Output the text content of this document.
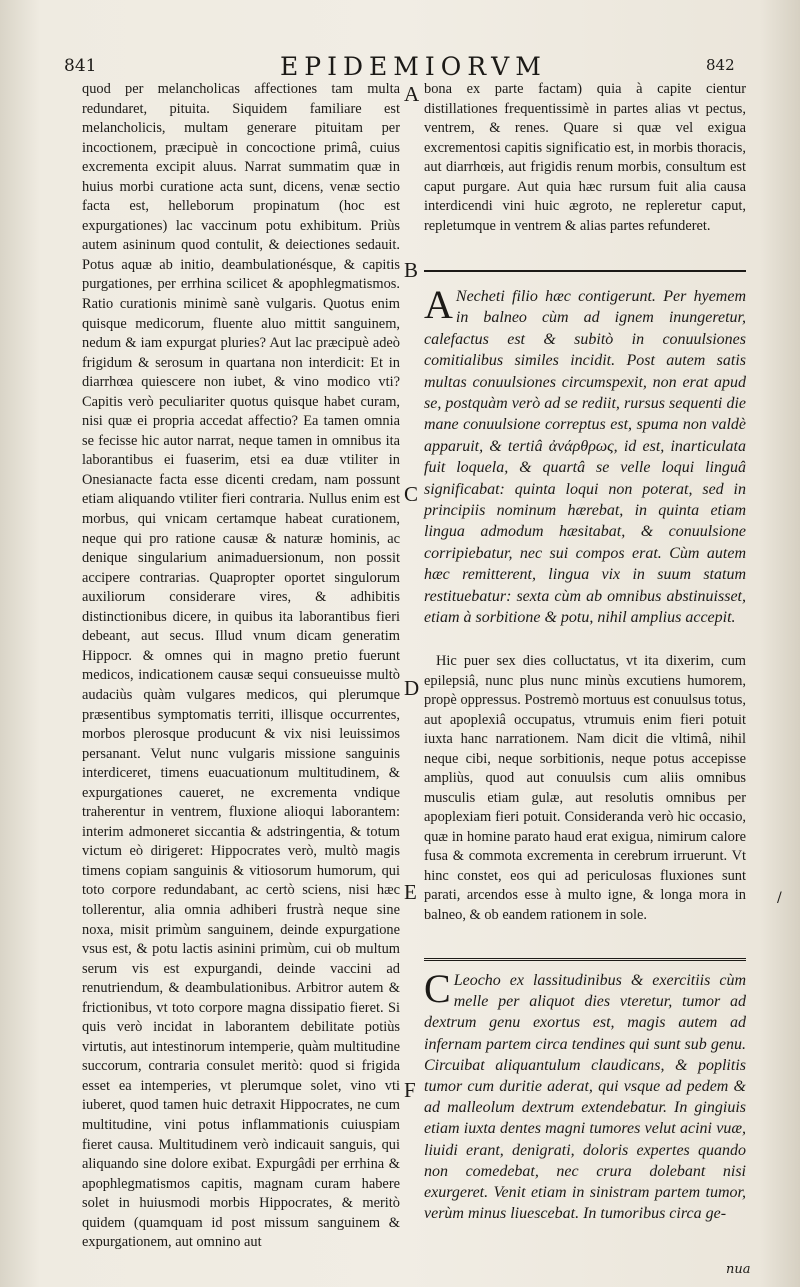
841	EPIDEMIORVM	842

quod per melancholicas affectiones tam multa redundaret, pituita. Siquidem familiare est melancholicis, multam generare pituitam per incoctionem, præcipuè in concoctione primâ, cuius excrementa excipit aluus. Narrat summatim quæ in huius morbi curatione acta sunt, dicens, venæ sectio facta est, helleborum propinatum (hoc est expurgationes) lac vaccinum potu exhibitum. Priùs autem asininum quod contulit, & deiectiones sedauit. Potus aquæ ab initio, deambulationésque, & capitis purgationes, per errhina scilicet & apophlegmatismos. Ratio curationis minimè sanè vulgaris. Quotus enim quisque medicorum, fluente aluo mittit sanguinem, nedum & iam expurgat pluries? Aut lac præcipuè adeò frigidum & serosum in quartana non interdicit: Et in diarrhœa quiescere non iubet, & vino modico vti? Capitis verò peculiariter quotus quisque habet curam, nisi quæ ei propria accedat affectio? Ea tamen omnia se fecisse hic autor narrat, neque tamen in omnibus ita laborantibus ei fuaserim, etsi ea duæ vtiliter in Onesianacte facta esse dicenti credam, nam possunt etiam aliquando vtiliter fieri contraria. Nullus enim est morbus, qui vnicam certamque habeat curationem, neque qui pro ratione causæ & naturæ hominis, ac denique singularium animaduersionum, non possit accipere contrarias. Quapropter oportet singulorum auxiliorum considerare vires, & adhibitis distinctionibus dicere, in quibus ita laborantibus fieri debeant, aut secus. Illud vnum dicam generatim Hippocr. & omnes qui in magno pretio fuerunt medicos, indicationem causæ sequi consueuisse multò audaciùs quàm vulgares medicos, qui plerumque præsentibus symptomatis territi, illisque occurrentes, morbos plerosque producunt & vix nisi leuissimos persanant. Velut nunc vulgaris missione sanguinis interdiceret, timens euacuationum multitudinem, & expurgationes caueret, ne excrementa vndique traherentur in ventrem, fluxione alioqui laborantem: interim admoneret siccantia & adstringentia, & totum victum eò dirigeret: Hippocrates verò, multò magis timens copiam sanguinis & vitiosorum humorum, qui toto corpore redundabant, ac certò sciens, nisi hæc tollerentur, alia omnia adhiberi frustrà neque sine noxa, misit primùm sanguinem, deinde expurgatione vsus est, & potu lactis asinini primùm, cui ob multum serum vis est expurgandi, deinde vaccini ad renutriendum, & deambulationibus. Arbitror autem & frictionibus, vt toto corpore magna dissipatio fieret. Si quis verò incidat in laborantem debilitate potiùs virtutis, aut intestinorum intemperie, quàm multitudine succorum, contraria consulet meritò: quod si frigida esset ea intemperies, vt plerumque solet, vino vti iuberet, quod tamen huic detraxit Hippocrates, ne cum multitudine, vini potus inflammationis cuiuspiam fieret causa. Multitudinem verò indicauit sanguis, qui aliquando sine dolore exibat. Expurgâdi per errhina & apophlegmatismos capitis, magnam curam habere solet in huiusmodi morbis Hippocrates, & meritò quidem (quamquam id post missum sanguinem & expurgationem, aut omnino aut

A
B
C
D
E
F

bona ex parte factam) quia à capite cientur distillationes frequentissimè in partes alias vt pectus, ventrem, & renes. Quare si quæ vel exigua excrementosi capitis significatio est, in morbis thoracis, aut diarrhœis, aut frigidis renum morbis, consultum est caput purgare. Aut quia hæc rursum fuit alia causa interdicendi vini huic ægroto, ne repleretur caput, repletumque in ventrem & alias partes refunderet.

A Necheti filio hæc contigerunt. Per hyemem in balneo cùm ad ignem inungeretur, calefactus est & subitò in conuulsiones comitialibus similes incidit. Post autem satis multas conuulsiones circumspexit, non erat apud se, postquàm verò ad se rediit, rursus sequenti die mane conuulsione correptus est, spuma non valdè apparuit, & tertiâ ἀνάρθρως, id est, inarticulata fuit loquela, & quartâ se velle loqui linguâ significabat: quinta loqui non poterat, sed in principiis nominum hærebat, in quinta etiam lingua admodum hæsitabat, & conuulsione corripiebatur, nec sui compos erat. Cùm autem hæc remitterent, lingua vix in suum statum restituebatur: sexta cùm ab omnibus abstinuisset, etiam à sorbitione & potu, nihil amplius accepit.

Hic puer sex dies colluctatus, vt ita dixerim, cum epilepsiâ, nunc plus nunc minùs excutiens humorem, propè oppressus. Postremò mortuus est conuulsus totus, aut apoplexiâ occupatus, vtrumuis enim fieri potuit iuxta hanc narrationem. Nam dicit die vltimâ, nihil neque cibi, neque sorbitionis, neque potus accepisse ampliùs, quod aut conuulsis cum aliis omnibus musculis etiam gulæ, aut resolutis omnibus per apoplexiam fieri potuit. Consideranda verò hic occasio, quæ in homine parato haud erat exigua, nimirum calore fusa & commota excrementa in cerebrum irruerunt. Vt hinc constet, eos qui ad periculosas fluxiones sunt parati, arcendos esse à multo igne, & longa mora in balneo, & ob eandem rationem in sole.

C Leocho ex lassitudinibus & exercitiis cùm melle per aliquot dies vteretur, tumor ad dextrum genu exortus est, magis autem ad infernam partem circa tendines qui sunt sub genu. Circuibat aliquantulum claudicans, & poplitis tumor cum duritie aderat, qui vsque ad pedem & ad malleolum dextrum extendebatur. In gingiuis etiam iuxta dentes magni tumores velut acini vuæ, liuidi erant, denigrati, doloris expertes quando non comedebat, nec crura dolebant nisi exurgeret. Venit etiam in sinistram partem tumor, verùm minus liuescebat. In tumoribus circa ge-

nua
/
